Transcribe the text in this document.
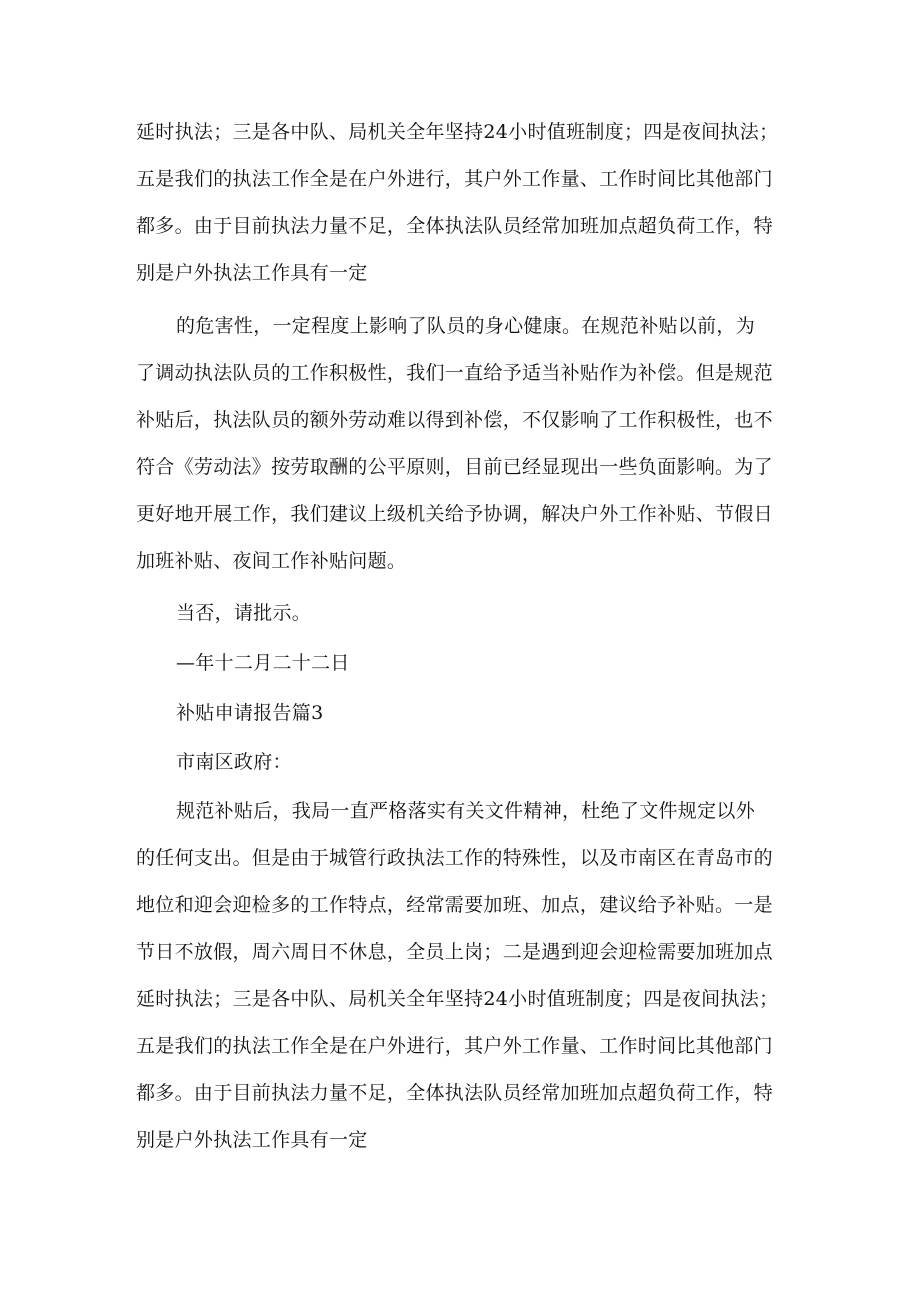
延时执法；三是各中队、局机关全年坚持24小时值班制度；四是夜间执法；
五是我们的执法工作全是在户外进行，其户外工作量、工作时间比其他部门
都多。由于目前执法力量不足，全体执法队员经常加班加点超负荷工作，特
别是户外执法工作具有一定
的危害性，一定程度上影响了队员的身心健康。在规范补贴以前，为
了调动执法队员的工作积极性，我们一直给予适当补贴作为补偿。但是规范
补贴后，执法队员的额外劳动难以得到补偿，不仅影响了工作积极性，也不
符合《劳动法》按劳取酬的公平原则，目前已经显现出一些负面影响。为了
更好地开展工作，我们建议上级机关给予协调，解决户外工作补贴、节假日
加班补贴、夜间工作补贴问题。
当否，请批示。
—年十二月二十二日
补贴申请报告篇3
市南区政府：
规范补贴后，我局一直严格落实有关文件精神，杜绝了文件规定以外
的任何支出。但是由于城管行政执法工作的特殊性，以及市南区在青岛市的
地位和迎会迎检多的工作特点，经常需要加班、加点，建议给予补贴。一是
节日不放假，周六周日不休息，全员上岗；二是遇到迎会迎检需要加班加点
延时执法；三是各中队、局机关全年坚持24小时值班制度；四是夜间执法；
五是我们的执法工作全是在户外进行，其户外工作量、工作时间比其他部门
都多。由于目前执法力量不足，全体执法队员经常加班加点超负荷工作，特
别是户外执法工作具有一定
